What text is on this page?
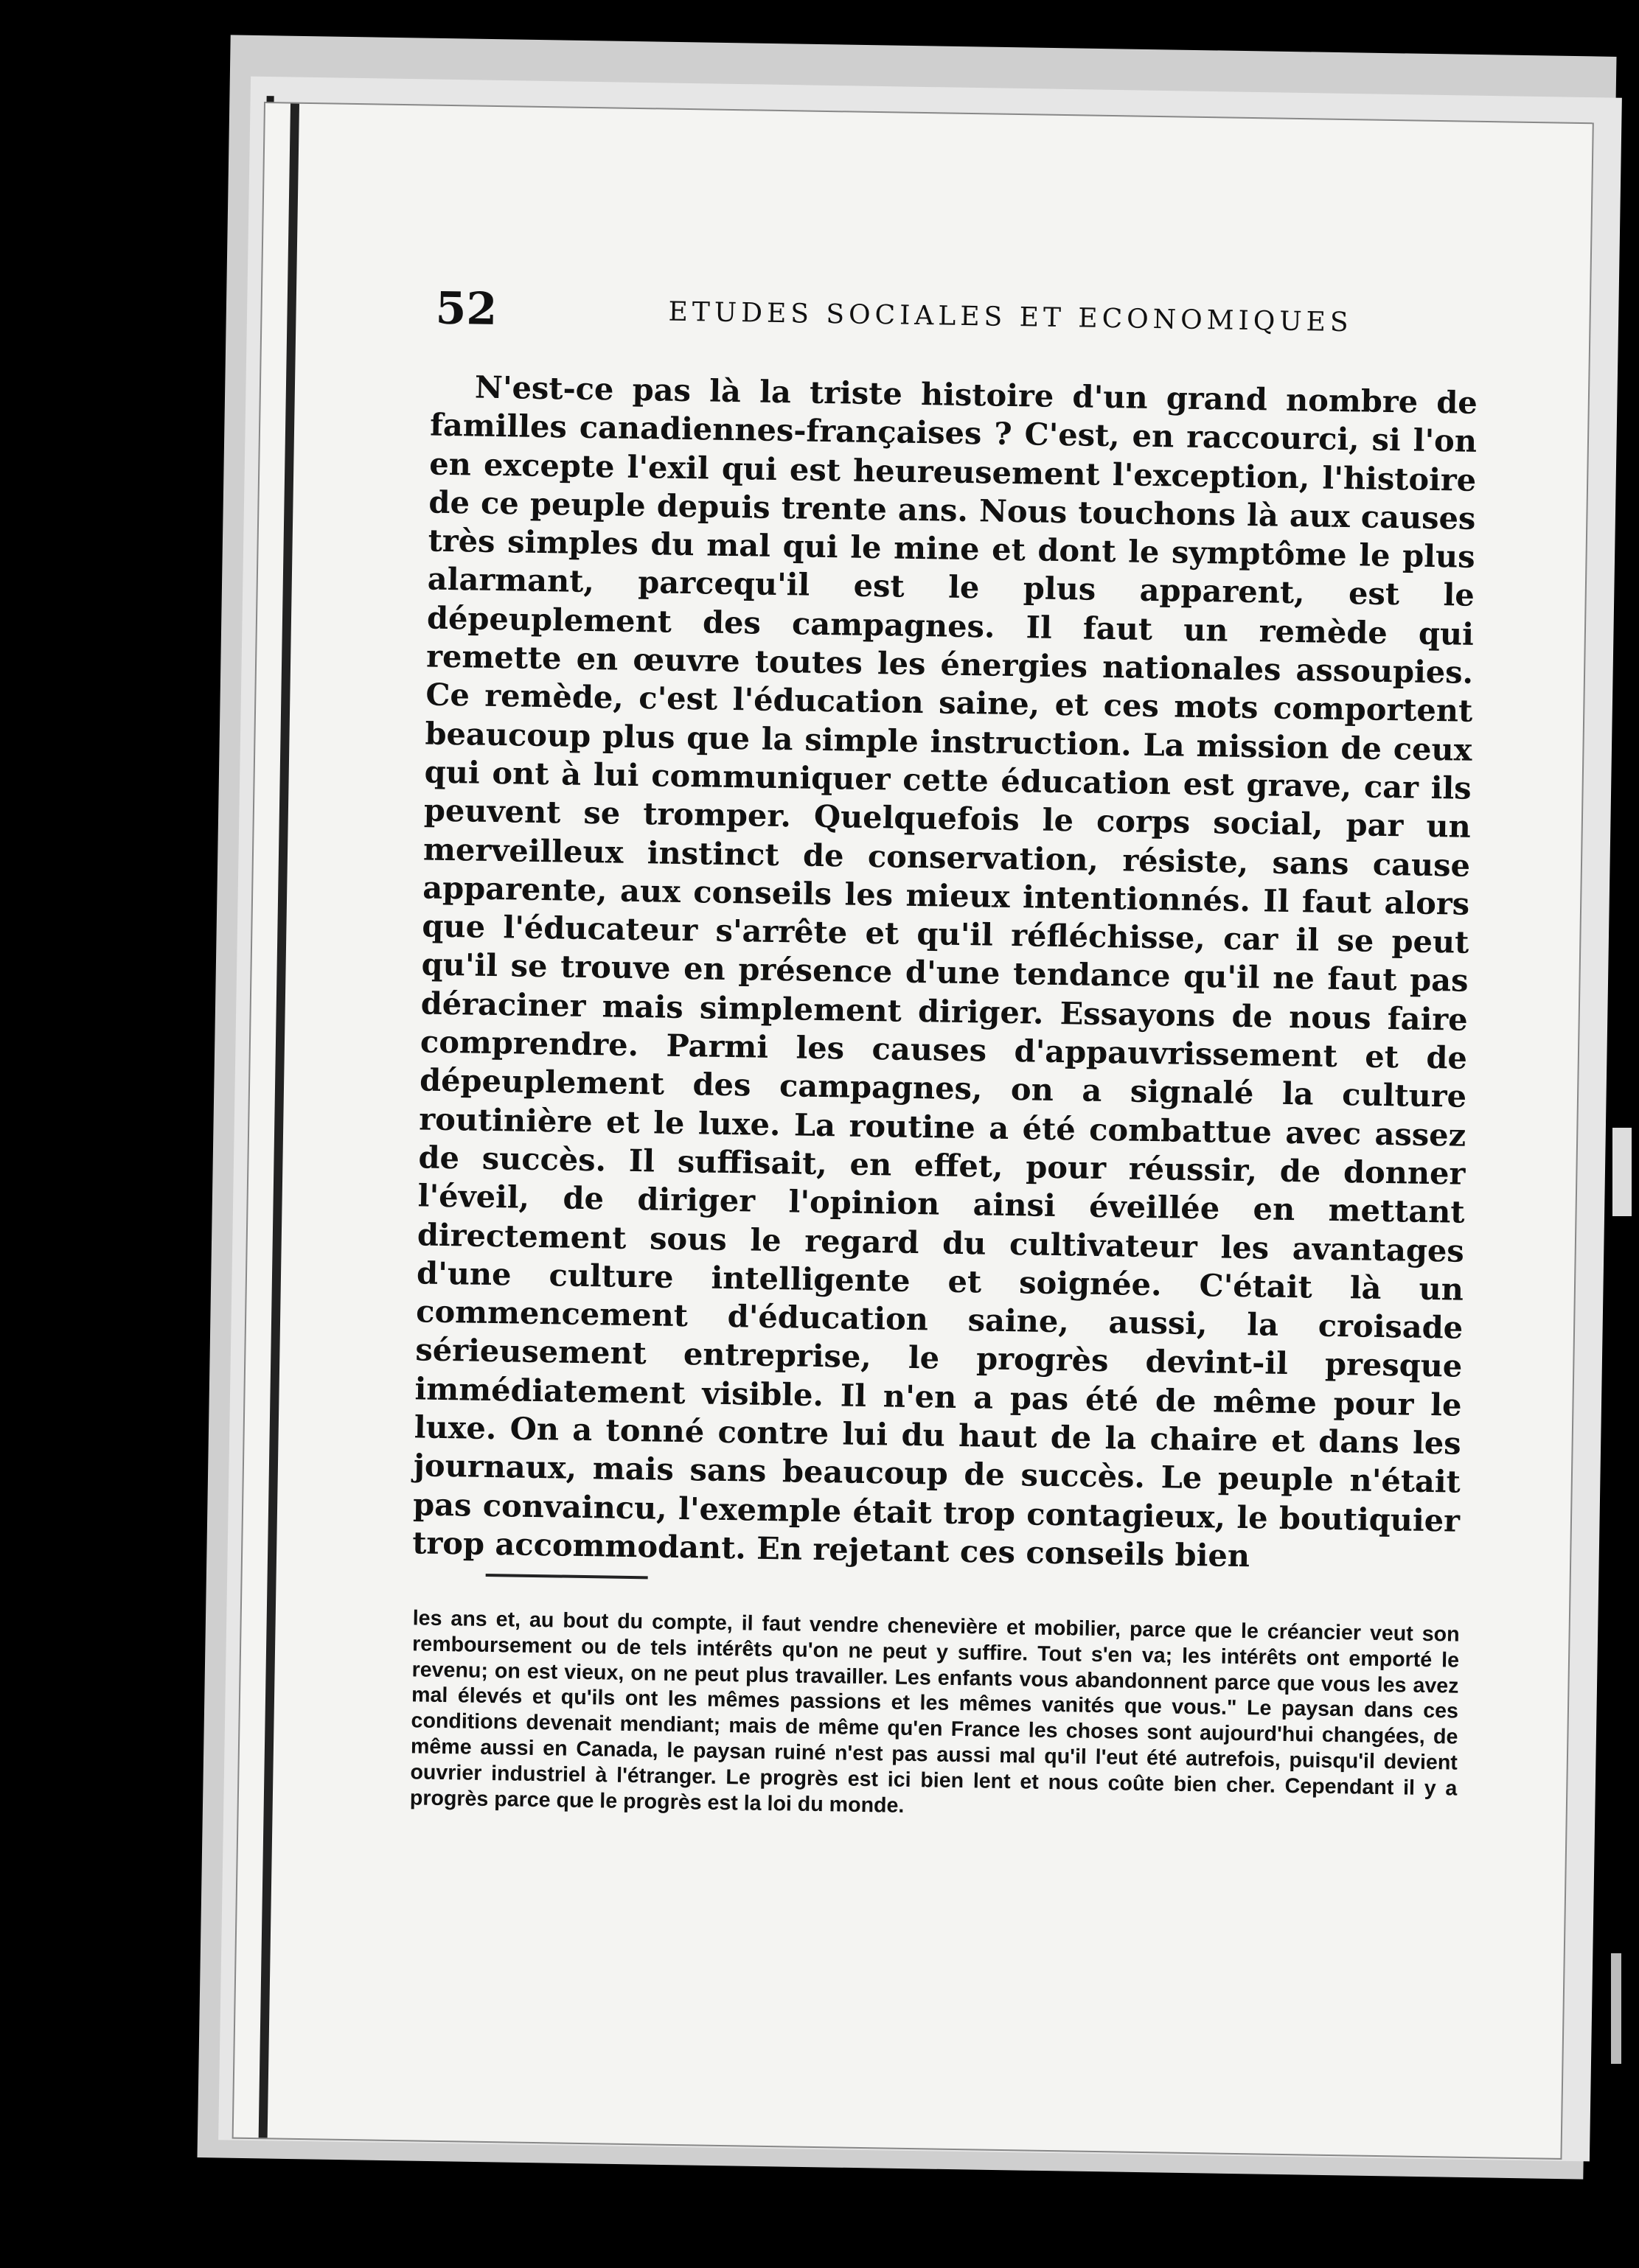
52	ETUDES SOCIALES ET ECONOMIQUES

N'est-ce pas là la triste histoire d'un grand nombre de familles canadiennes-françaises ? C'est, en raccourci, si l'on en excepte l'exil qui est heureusement l'exception, l'histoire de ce peuple depuis trente ans. Nous touchons là aux causes très simples du mal qui le mine et dont le symptôme le plus alarmant, parcequ'il est le plus apparent, est le dépeuplement des campagnes. Il faut un remède qui remette en œuvre toutes les énergies nationales assoupies. Ce remède, c'est l'éducation saine, et ces mots comportent beaucoup plus que la simple instruction. La mission de ceux qui ont à lui communiquer cette éducation est grave, car ils peuvent se tromper. Quelquefois le corps social, par un merveilleux instinct de conservation, résiste, sans cause apparente, aux conseils les mieux intentionnés. Il faut alors que l'éducateur s'arrête et qu'il réfléchisse, car il se peut qu'il se trouve en présence d'une tendance qu'il ne faut pas déraciner mais simplement diriger. Essayons de nous faire comprendre. Parmi les causes d'appauvrissement et de dépeuplement des campagnes, on a signalé la culture routinière et le luxe. La routine a été combattue avec assez de succès. Il suffisait, en effet, pour réussir, de donner l'éveil, de diriger l'opinion ainsi éveillée en mettant directement sous le regard du cultivateur les avantages d'une culture intelligente et soignée. C'était là un commencement d'éducation saine, aussi, la croisade sérieusement entreprise, le progrès devint-il presque immédiatement visible. Il n'en a pas été de même pour le luxe. On a tonné contre lui du haut de la chaire et dans les journaux, mais sans beaucoup de succès. Le peuple n'était pas convaincu, l'exemple était trop contagieux, le boutiquier trop accommodant. En rejetant ces conseils bien

les ans et, au bout du compte, il faut vendre chenevière et mobilier, parce que le créancier veut son remboursement ou de tels intérêts qu'on ne peut y suffire. Tout s'en va; les intérêts ont emporté le revenu; on est vieux, on ne peut plus travailler. Les enfants vous abandonnent parce que vous les avez mal élevés et qu'ils ont les mêmes passions et les mêmes vanités que vous." Le paysan dans ces conditions devenait mendiant; mais de même qu'en France les choses sont aujourd'hui changées, de même aussi en Canada, le paysan ruiné n'est pas aussi mal qu'il l'eut été autrefois, puisqu'il devient ouvrier industriel à l'étranger. Le progrès est ici bien lent et nous coûte bien cher. Cependant il y a progrès parce que le progrès est la loi du monde.
